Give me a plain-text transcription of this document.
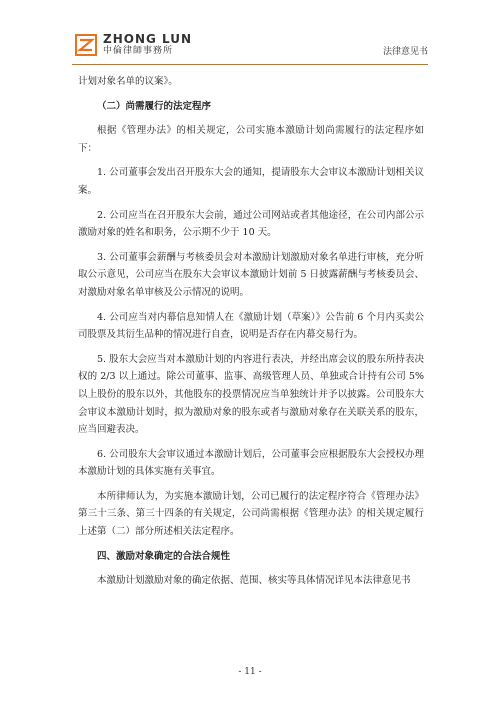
ZHONG LUN
中倫律師事務所	法律意见书

计划对象名单的议案》。

（二）尚需履行的法定程序

根据《管理办法》的相关规定，公司实施本激励计划尚需履行的法定程序如下：

1. 公司董事会发出召开股东大会的通知，提请股东大会审议本激励计划相关议案。

2. 公司应当在召开股东大会前，通过公司网站或者其他途径，在公司内部公示激励对象的姓名和职务，公示期不少于 10 天。

3. 公司董事会薪酬与考核委员会对本激励计划激励对象名单进行审核，充分听取公示意见，公司应当在股东大会审议本激励计划前 5 日披露薪酬与考核委员会、对激励对象名单审核及公示情况的说明。

4. 公司应当对内幕信息知情人在《激励计划（草案）》公告前 6 个月内买卖公司股票及其衍生品种的情况进行自查，说明是否存在内幕交易行为。

5. 股东大会应当对本激励计划的内容进行表决，并经出席会议的股东所持表决权的 2/3 以上通过。除公司董事、监事、高级管理人员、单独或合计持有公司 5%以上股份的股东以外，其他股东的投票情况应当单独统计并予以披露。公司股东大会审议本激励计划时，拟为激励对象的股东或者与激励对象存在关联关系的股东，应当回避表决。

6. 公司股东大会审议通过本激励计划后，公司董事会应根据股东大会授权办理本激励计划的具体实施有关事宜。

本所律师认为，为实施本激励计划，公司已履行的法定程序符合《管理办法》第三十三条、第三十四条的有关规定，公司尚需根据《管理办法》的相关规定履行上述第（二）部分所述相关法定程序。

四、激励对象确定的合法合规性

本激励计划激励对象的确定依据、范围、核实等具体情况详见本法律意见书

- 11 -
